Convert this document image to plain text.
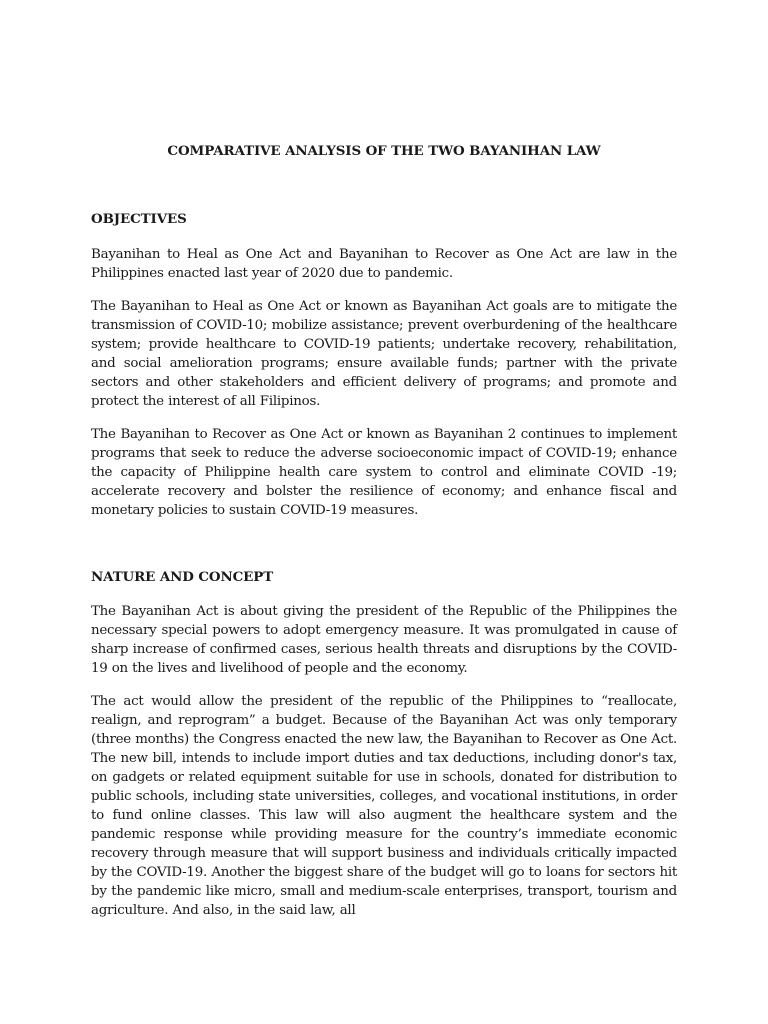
COMPARATIVE ANALYSIS OF THE TWO BAYANIHAN LAW
OBJECTIVES

Bayanihan to Heal as One Act and Bayanihan to Recover as One Act are law in the Philippines enacted last year of 2020 due to pandemic.

The Bayanihan to Heal as One Act or known as Bayanihan Act goals are to mitigate the transmission of COVID-10; mobilize assistance; prevent overburdening of the healthcare system; provide healthcare to COVID-19 patients; undertake recovery, rehabilitation, and social amelioration programs; ensure available funds; partner with the private sectors and other stakeholders and efficient delivery of programs; and promote and protect the interest of all Filipinos.

The Bayanihan to Recover as One Act or known as Bayanihan 2 continues to implement programs that seek to reduce the adverse socioeconomic impact of COVID-19; enhance the capacity of Philippine health care system to control and eliminate COVID -19; accelerate recovery and bolster the resilience of economy; and enhance fiscal and monetary policies to sustain COVID-19 measures.

NATURE AND CONCEPT

The Bayanihan Act is about giving the president of the Republic of the Philippines the necessary special powers to adopt emergency measure. It was promulgated in cause of sharp increase of confirmed cases, serious health threats and disruptions by the COVID-19 on the lives and livelihood of people and the economy.

The act would allow the president of the republic of the Philippines to “reallocate, realign, and reprogram” a budget. Because of the Bayanihan Act was only temporary (three months) the Congress enacted the new law, the Bayanihan to Recover as One Act. The new bill, intends to include import duties and tax deductions, including donor's tax, on gadgets or related equipment suitable for use in schools, donated for distribution to public schools, including state universities, colleges, and vocational institutions, in order to fund online classes. This law will also augment the healthcare system and the pandemic response while providing measure for the country’s immediate economic recovery through measure that will support business and individuals critically impacted by the COVID-19. Another the biggest share of the budget will go to loans for sectors hit by the pandemic like micro, small and medium-scale enterprises, transport, tourism and agriculture. And also, in the said law, all
